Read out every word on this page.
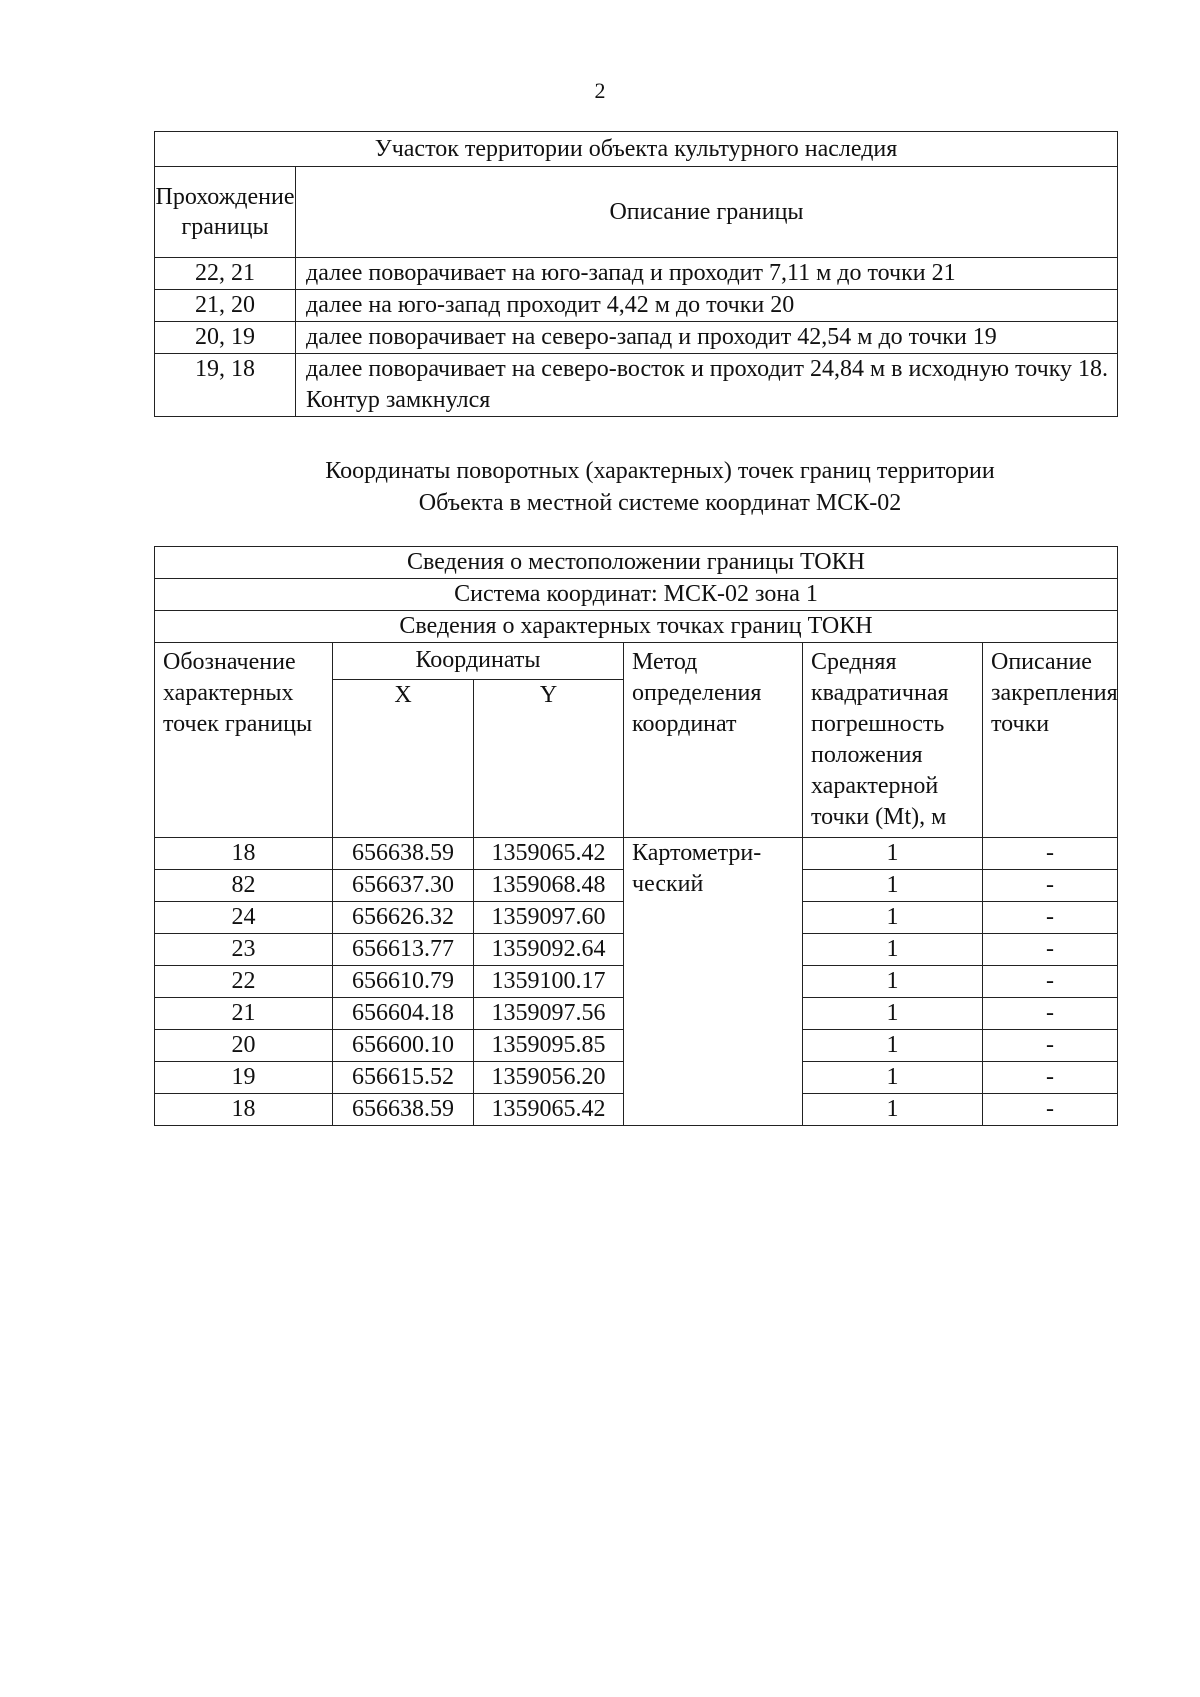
2
Участок территории объекта культурного наследия	
Прохождение границы	Описание границы
22, 21	далее поворачивает на юго-запад и проходит 7,11 м до точки 21
21, 20	далее на юго-запад проходит 4,42 м до точки 20
20, 19	далее поворачивает на северо-запад и проходит 42,54 м до точки 19
19, 18	далее поворачивает на северо-восток и проходит 24,84 м в исходную точку 18. Контур замкнулся
Координаты поворотных (характерных) точек границ территории
Объекта в местной системе координат МСК-02
Сведения о местоположении границы ТОКН					
Система координат: МСК-02 зона 1					
Сведения о характерных точках границ ТОКН					
Обозначение характерных точек границы	Координаты		Метод определения координат	Средняя квадратичная погрешность положения характерной точки (Mt), м	Описание закрепления точки
	X	Y			
18	656638.59	1359065.42	Картометри-ческий	1	-
82	656637.30	1359068.48		1	-
24	656626.32	1359097.60		1	-
23	656613.77	1359092.64		1	-
22	656610.79	1359100.17		1	-
21	656604.18	1359097.56		1	-
20	656600.10	1359095.85		1	-
19	656615.52	1359056.20		1	-
18	656638.59	1359065.42		1	-
